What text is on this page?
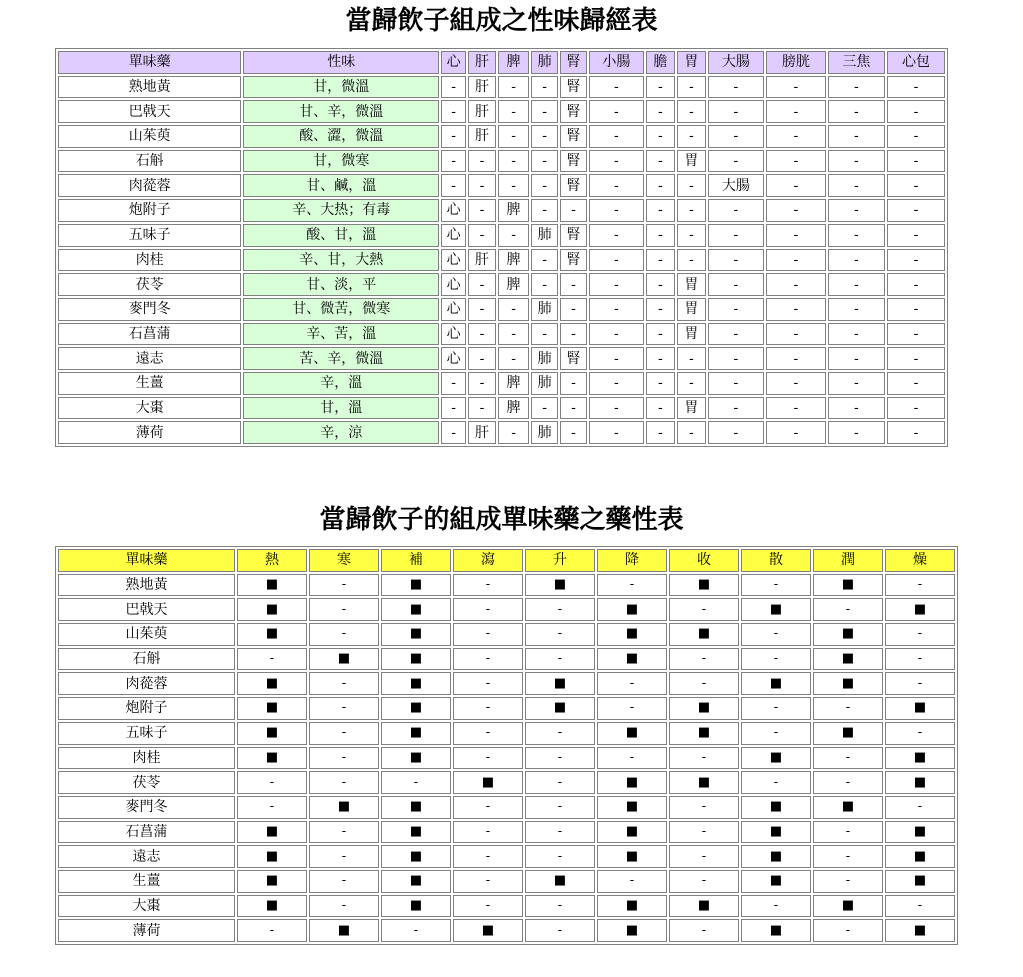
當歸飲子組成之性味歸經表
單味藥	性味	心	肝	脾	肺	腎	小腸	膽	胃	大腸	膀胱	三焦	心包
熟地黃	甘，微溫	-	肝	-	-	腎	-	-	-	-	-	-	-
巴戟天	甘、辛，微溫	-	肝	-	-	腎	-	-	-	-	-	-	-
山茱萸	酸、澀，微溫	-	肝	-	-	腎	-	-	-	-	-	-	-
石斛	甘，微寒	-	-	-	-	腎	-	-	胃	-	-	-	-
肉蓯蓉	甘、鹹，溫	-	-	-	-	腎	-	-	-	大腸	-	-	-
炮附子	辛、大热；有毒	心	-	脾	-	-	-	-	-	-	-	-	-
五味子	酸、甘，溫	心	-	-	肺	腎	-	-	-	-	-	-	-
肉桂	辛、甘，大熱	心	肝	脾	-	腎	-	-	-	-	-	-	-
茯苓	甘、淡，平	心	-	脾	-	-	-	-	胃	-	-	-	-
麥門冬	甘、微苦，微寒	心	-	-	肺	-	-	-	胃	-	-	-	-
石菖蒲	辛、苦，溫	心	-	-	-	-	-	-	胃	-	-	-	-
遠志	苦、辛，微溫	心	-	-	肺	腎	-	-	-	-	-	-	-
生薑	辛，溫	-	-	脾	肺	-	-	-	-	-	-	-	-
大棗	甘，溫	-	-	脾	-	-	-	-	胃	-	-	-	-
薄荷	辛，涼	-	肝	-	肺	-	-	-	-	-	-	-	-
當歸飲子的組成單味藥之藥性表
單味藥	熱	寒	補	瀉	升	降	收	散	潤	燥
熟地黃	■	-	■	-	■	-	■	-	■	-
巴戟天	■	-	■	-	-	■	-	■	-	■
山茱萸	■	-	■	-	-	■	■	-	■	-
石斛	-	■	■	-	-	■	-	-	■	-
肉蓯蓉	■	-	■	-	■	-	-	■	■	-
炮附子	■	-	■	-	■	-	■	-	-	■
五味子	■	-	■	-	-	■	■	-	■	-
肉桂	■	-	■	-	-	-	-	■	-	■
茯苓	-	-	-	■	-	■	■	-	-	■
麥門冬	-	■	■	-	-	■	-	■	■	-
石菖蒲	■	-	■	-	-	■	-	■	-	■
遠志	■	-	■	-	-	■	-	■	-	■
生薑	■	-	■	-	■	-	-	■	-	■
大棗	■	-	■	-	-	■	■	-	■	-
薄荷	-	■	-	■	-	■	-	■	-	■
